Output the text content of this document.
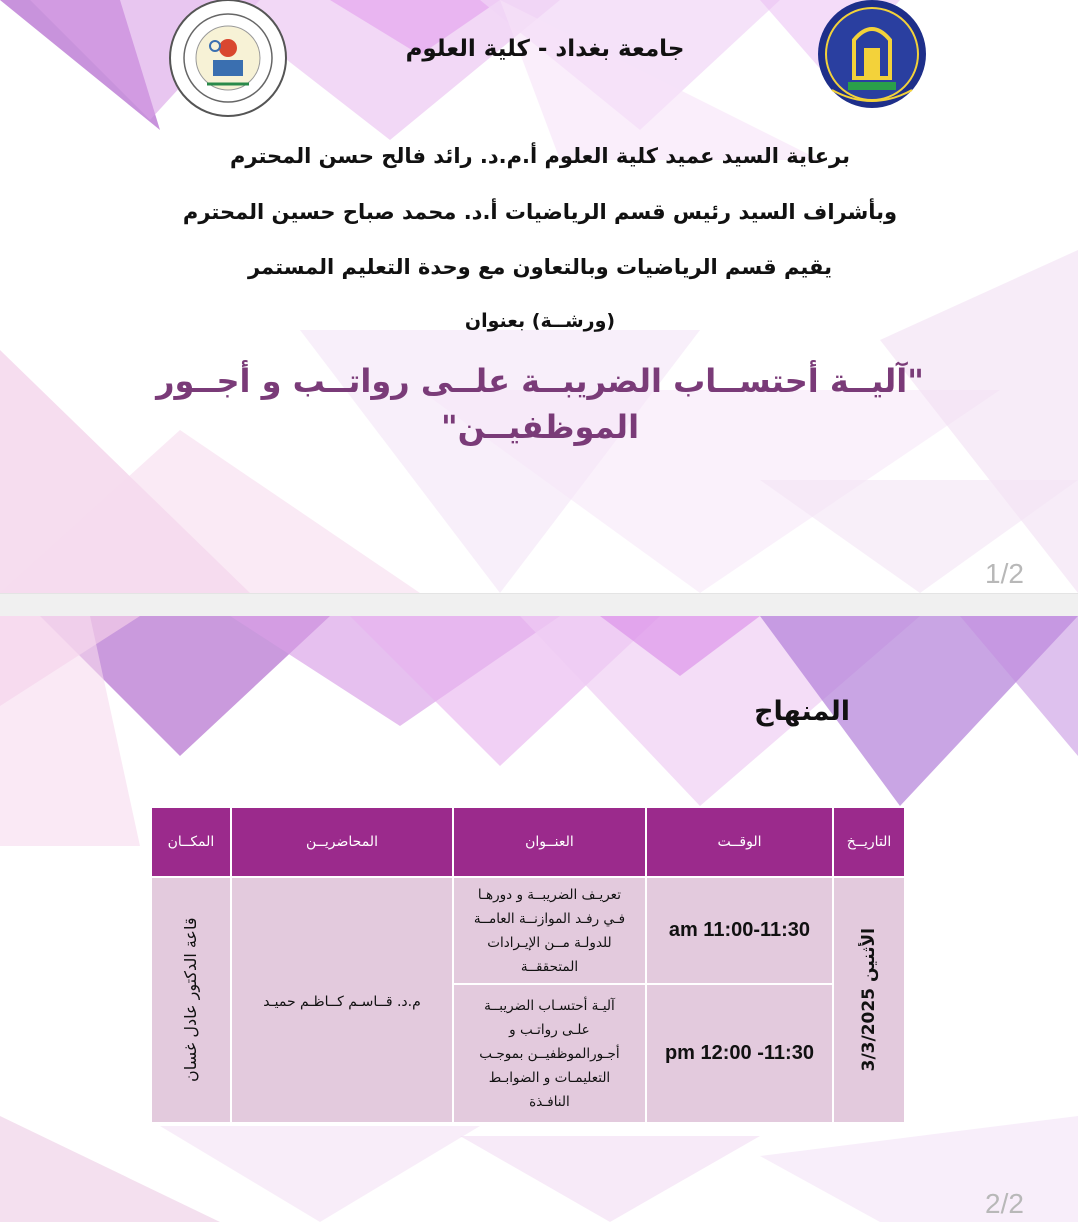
جامعة بغداد - كلية العلوم
برعاية السيد عميد كلية العلوم أ.م.د. رائد فالح حسن المحترم
وبأشراف السيد رئيس قسم الرياضيات أ.د. محمد صباح حسين المحترم
يقيم قسم الرياضيات وبالتعاون مع وحدة التعليم المستمر
(ورشــة) بعنوان
"آليــة أحتســاب الضريبــة علــى رواتــب و أجــور
الموظفيــن"
1/2
المنهاج
التاريــخ	الوقــت	العنــوان	المحاضريــن	المكــان

الأثنين 3/3/2025	11:00-11:30 am	تعريـف الضريبــة و دورهـا فـي رفـد الموازنــة العامــة للدولـة مــن الإيـرادات المتحققــة	م.د. قــاسـم كــاظـم حميـد	قاعة الدكتور عادل غسان

	11:30- 12:00 pm	آليـة أحتسـاب الضريبــة علـى رواتـب و أجـورالموظفيــن بموجـب التعليمـات و الضوابـط النافـذة		
2/2
